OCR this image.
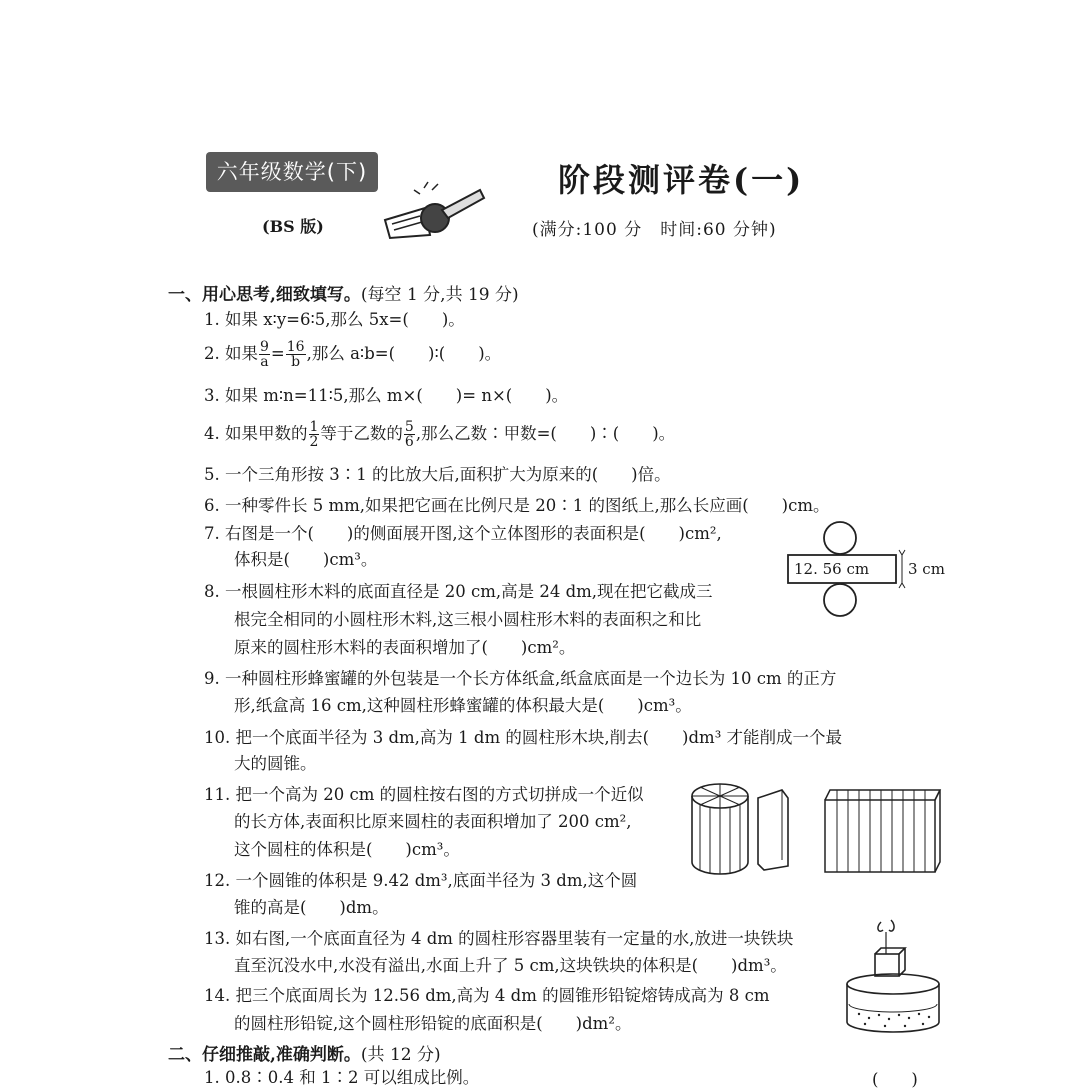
六年级数学(下)
(BS 版)
阶段测评卷(一)
(满分:100 分　时间:60 分钟)
一、用心思考,细致填写。(每空 1 分,共 19 分)
1. 如果 x∶y=6∶5,那么 5x=(　　)。
2. 如果 $\frac{9}{a} = \frac{16}{b}$ ,那么 a∶b=(　　)∶(　　)。
3. 如果 m∶n=11∶5,那么 m×(　　)= n×(　　)。
4. 如果甲数的 $\frac{1}{2}$ 等于乙数的 $\frac{5}{6}$ ,那么乙数∶甲数=(　　)∶(　　)。
5. 一个三角形按 3∶1 的比放大后,面积扩大为原来的(　　)倍。
6. 一种零件长 5 mm,如果把它画在比例尺是 20∶1 的图纸上,那么长应画(　　)cm。
7. 右图是一个(　　)的侧面展开图,这个立体图形的表面积是(　　)cm²,
体积是(　　)cm³。	12. 56 cm	3 cm
8. 一根圆柱形木料的底面直径是 20 cm,高是 24 dm,现在把它截成三
根完全相同的小圆柱形木料,这三根小圆柱形木料的表面积之和比
原来的圆柱形木料的表面积增加了(　　)cm²。
9. 一种圆柱形蜂蜜罐的外包装是一个长方体纸盒,纸盒底面是一个边长为 10 cm 的正方
形,纸盒高 16 cm,这种圆柱形蜂蜜罐的体积最大是(　　)cm³。
10. 把一个底面半径为 3 dm,高为 1 dm 的圆柱形木块,削去(　　)dm³ 才能削成一个最
大的圆锥。
11. 把一个高为 20 cm 的圆柱按右图的方式切拼成一个近似
的长方体,表面积比原来圆柱的表面积增加了 200 cm²,
这个圆柱的体积是(　　)cm³。
12. 一个圆锥的体积是 9.42 dm³,底面半径为 3 dm,这个圆
锥的高是(　　)dm。
13. 如右图,一个底面直径为 4 dm 的圆柱形容器里装有一定量的水,放进一块铁块
直至沉没水中,水没有溢出,水面上升了 5 cm,这块铁块的体积是(　　)dm³。
14. 把三个底面周长为 12.56 dm,高为 4 dm 的圆锥形铅锭熔铸成高为 8 cm
的圆柱形铅锭,这个圆柱形铅锭的底面积是(　　)dm²。
二、仔细推敲,准确判断。(共 12 分)
1. 0.8∶0.4 和 1∶2 可以组成比例。	(　　)
